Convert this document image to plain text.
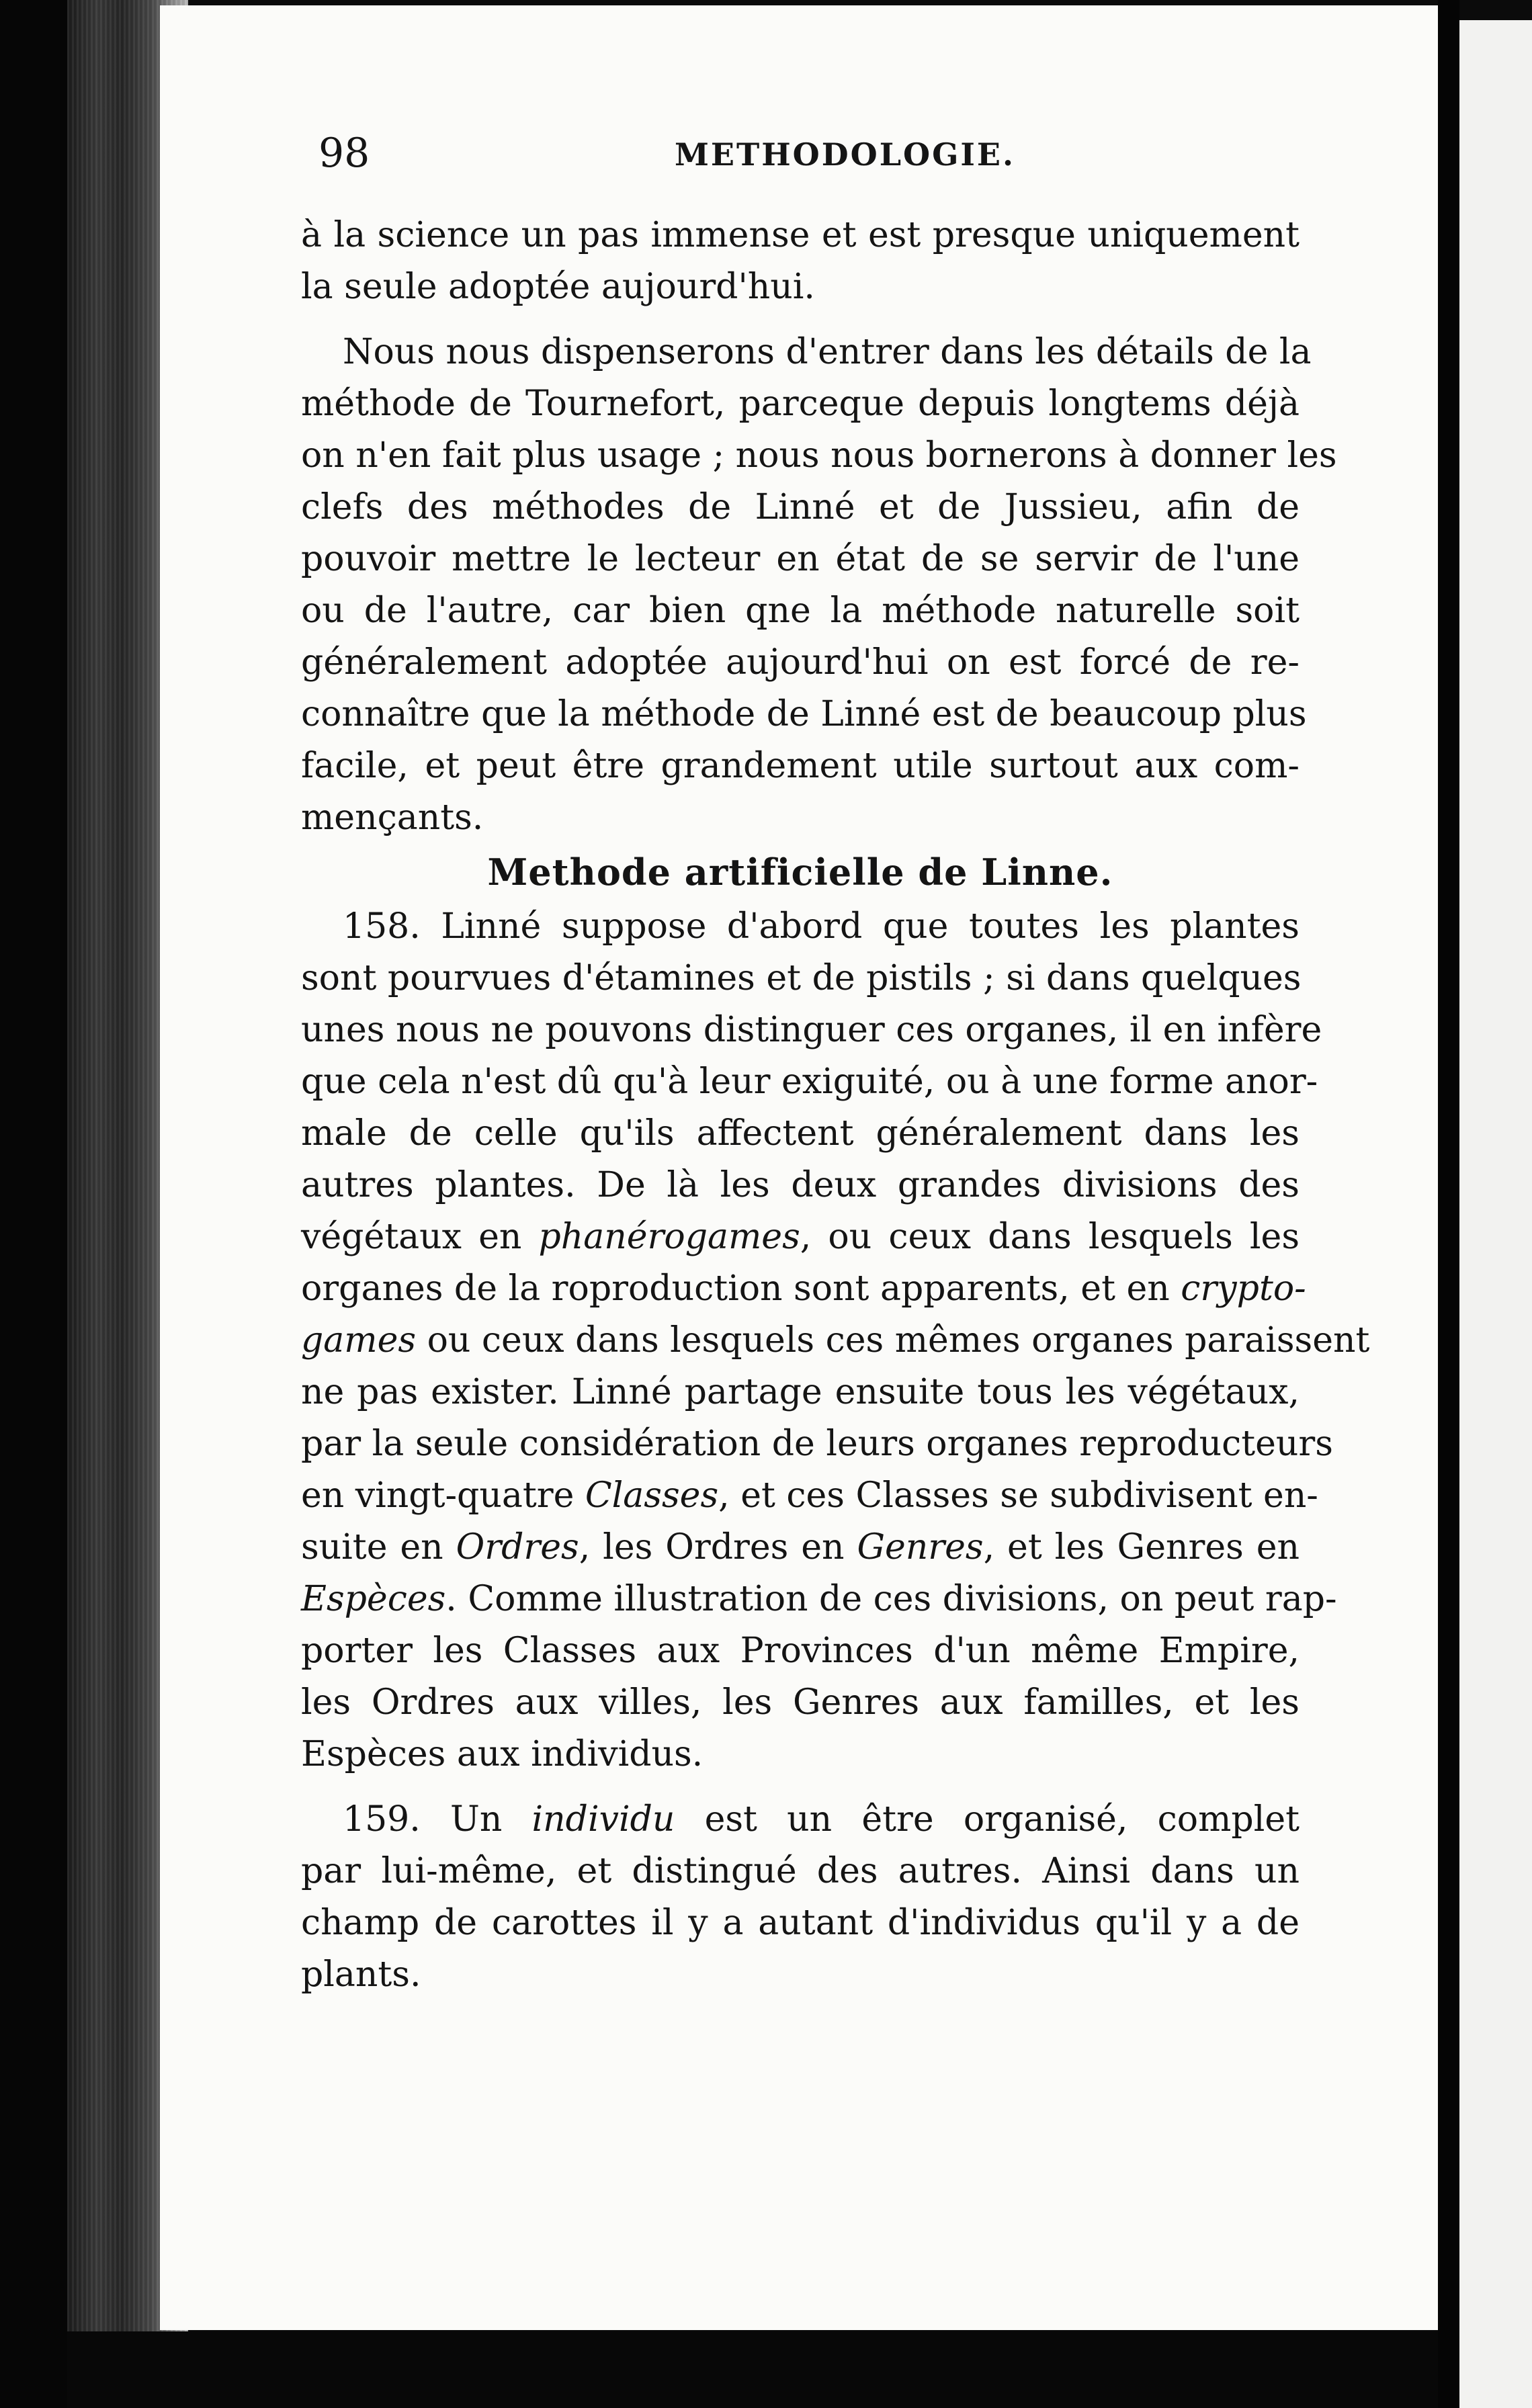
98	METHODOLOGIE.
à la science un pas immense et est presque uniquement
la seule adoptée aujourd'hui.
Nous nous dispenserons d'entrer dans les détails de la
méthode de Tournefort, parceque depuis longtems déjà
on n'en fait plus usage ; nous nous bornerons à donner les
clefs des méthodes de Linné et de Jussieu, afin de
pouvoir mettre le lecteur en état de se servir de l'une
ou de l'autre, car bien qne la méthode naturelle soit
généralement adoptée aujourd'hui on est forcé de re-
connaître que la méthode de Linné est de beaucoup plus
facile, et peut être grandement utile surtout aux com-
mençants.
Methode artificielle de Linne.
158. Linné suppose d'abord que toutes les plantes
sont pourvues d'étamines et de pistils ; si dans quelques
unes nous ne pouvons distinguer ces organes, il en infère
que cela n'est dû qu'à leur exiguité, ou à une forme anor-
male de celle qu'ils affectent généralement dans les
autres plantes. De là les deux grandes divisions des
végétaux en phanérogames, ou ceux dans lesquels les
organes de la roproduction sont apparents, et en crypto-
games ou ceux dans lesquels ces mêmes organes paraissent
ne pas exister. Linné partage ensuite tous les végétaux,
par la seule considération de leurs organes reproducteurs
en vingt-quatre Classes, et ces Classes se subdivisent en-
suite en Ordres, les Ordres en Genres, et les Genres en
Espèces. Comme illustration de ces divisions, on peut rap-
porter les Classes aux Provinces d'un même Empire,
les Ordres aux villes, les Genres aux familles, et les
Espèces aux individus.
159. Un individu est un être organisé, complet
par lui-même, et distingué des autres. Ainsi dans un
champ de carottes il y a autant d'individus qu'il y a de
plants.
